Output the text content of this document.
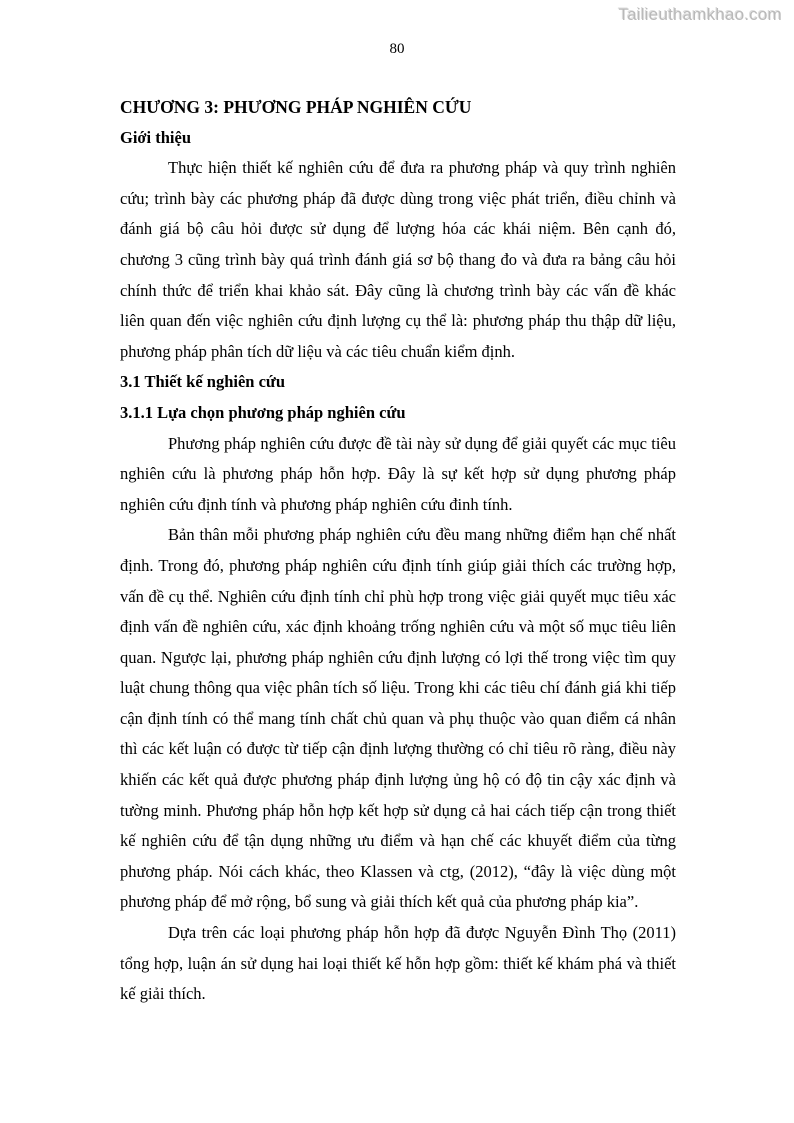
Tailieuthamkhao.com
80
CHƯƠNG 3: PHƯƠNG PHÁP NGHIÊN CỨU
Giới thiệu

Thực hiện thiết kế nghiên cứu để đưa ra phương pháp và quy trình nghiên cứu; trình bày các phương pháp đã được dùng trong việc phát triển, điều chỉnh và đánh giá bộ câu hỏi được sử dụng để lượng hóa các khái niệm. Bên cạnh đó, chương 3 cũng trình bày quá trình đánh giá sơ bộ thang đo và đưa ra bảng câu hỏi chính thức để triển khai khảo sát. Đây cũng là chương trình bày các vấn đề khác liên quan đến việc nghiên cứu định lượng cụ thể là: phương pháp thu thập dữ liệu, phương pháp phân tích dữ liệu và các tiêu chuẩn kiểm định.

3.1 Thiết kế nghiên cứu
3.1.1 Lựa chọn phương pháp nghiên cứu

Phương pháp nghiên cứu được đề tài này sử dụng để giải quyết các mục tiêu nghiên cứu là phương pháp hỗn hợp. Đây là sự kết hợp sử dụng phương pháp nghiên cứu định tính và phương pháp nghiên cứu đinh tính.

Bản thân mỗi phương pháp nghiên cứu đều mang những điểm hạn chế nhất định. Trong đó, phương pháp nghiên cứu định tính giúp giải thích các trường hợp, vấn đề cụ thể. Nghiên cứu định tính chỉ phù hợp trong việc giải quyết mục tiêu xác định vấn đề nghiên cứu, xác định khoảng trống nghiên cứu và một số mục tiêu liên quan. Ngược lại, phương pháp nghiên cứu định lượng có lợi thế trong việc tìm quy luật chung thông qua việc phân tích số liệu. Trong khi các tiêu chí đánh giá khi tiếp cận định tính có thể mang tính chất chủ quan và phụ thuộc vào quan điểm cá nhân thì các kết luận có được từ tiếp cận định lượng thường có chỉ tiêu rõ ràng, điều này khiến các kết quả được phương pháp định lượng ủng hộ có độ tin cậy xác định và tường minh. Phương pháp hỗn hợp kết hợp sử dụng cả hai cách tiếp cận trong thiết kế nghiên cứu để tận dụng những ưu điểm và hạn chế các khuyết điểm của từng phương pháp. Nói cách khác, theo Klassen và ctg, (2012), “đây là việc dùng một phương pháp để mở rộng, bổ sung và giải thích kết quả của phương pháp kia”.

Dựa trên các loại phương pháp hỗn hợp đã được Nguyễn Đình Thọ (2011) tổng hợp, luận án sử dụng hai loại thiết kế hỗn hợp gồm: thiết kế khám phá và thiết kế giải thích.
